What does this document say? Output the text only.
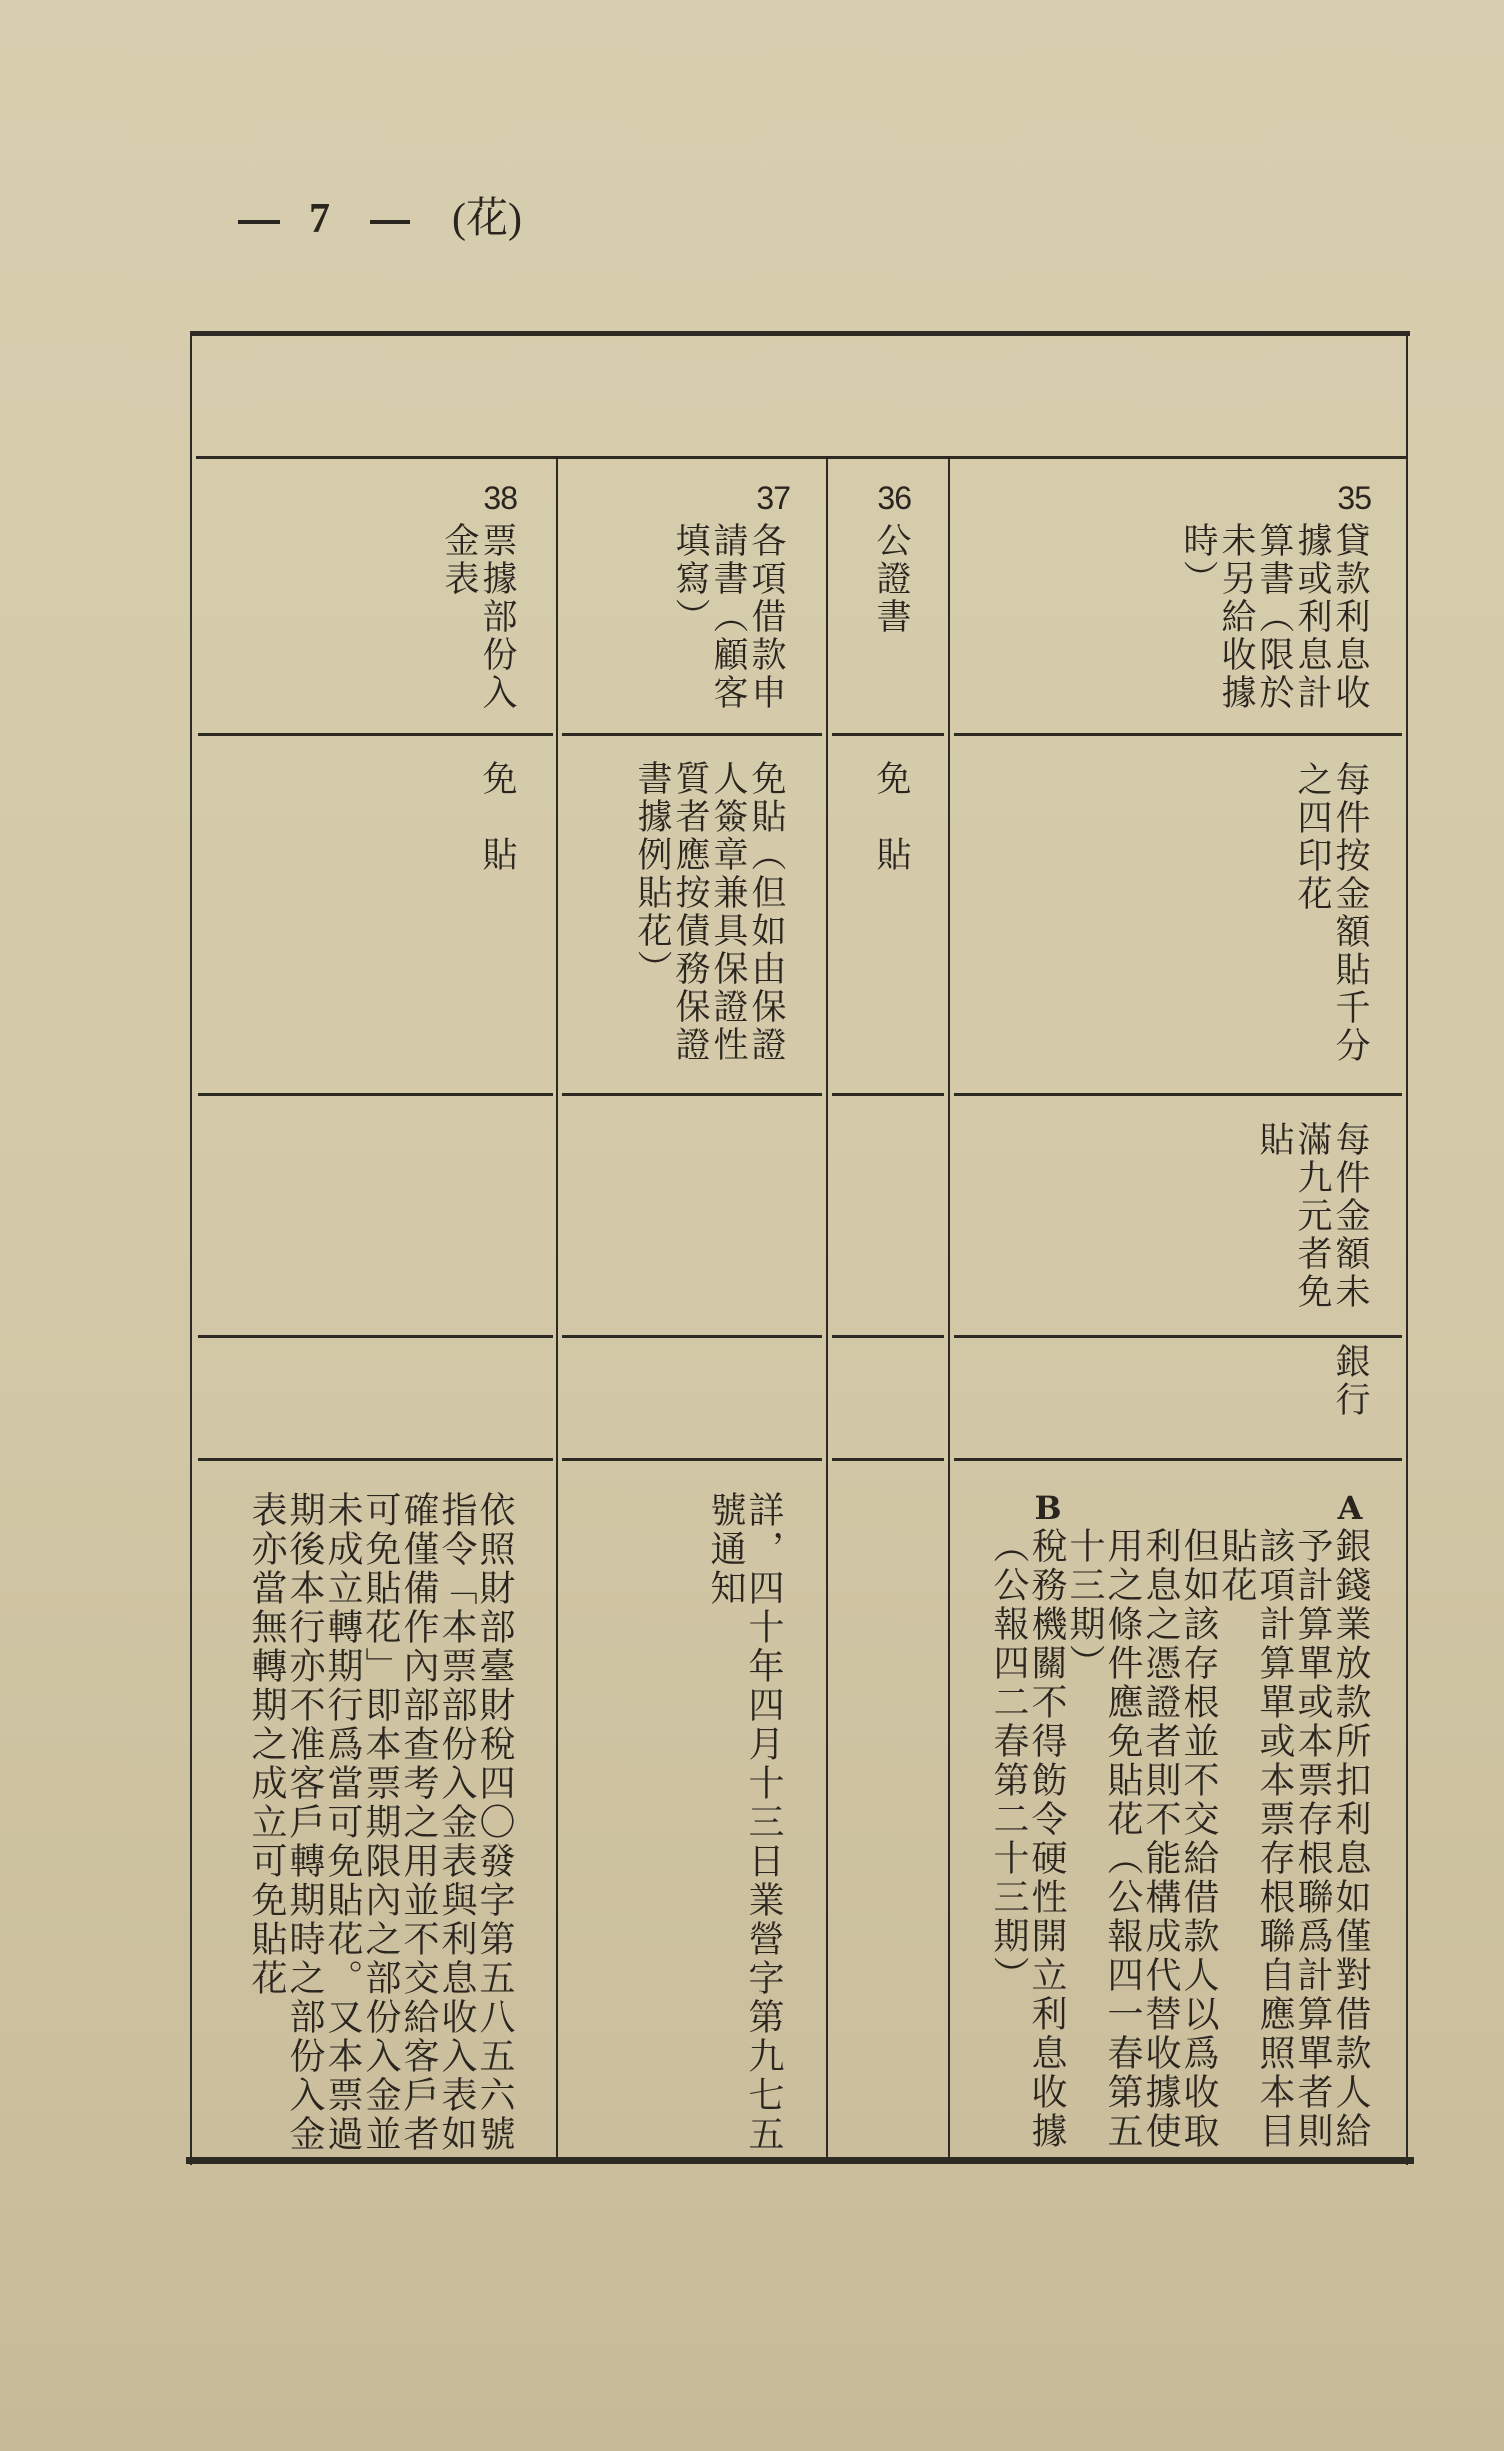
7	(花)
35
貸款利息收據或利息計算書（限於未另給收據時）
每件按金額貼千分之四印花
每件金額未滿九元者免貼
銀行
A
銀錢業放款所扣利息如僅對借款人給予計算單或本票存根聯爲計算單者則該項計算單或本票存根聯自應照本目貼花
但如該存根並不交給借款人以爲收取利息之憑證者則不能構成代替收據使用之條件應免貼花（公報四一春第五十三期）
B
稅務機關不得飭令硬性開立利息收據（公報四二春第二十三期）
36
公證書
免　貼
37
各項借款申請書（顧客填寫）
免貼（但如由保證人簽章兼具保證性質者應按債務保證書據例貼花）
詳，四十年四月十三日業營字第九七五號通知
38
票據部份入金表
免　貼
依照財部臺財稅四〇發字第五八五六號指令「本票部份入金表與利息收入表如確僅備作內部查考之用並不交給客戶者可免貼花」即本票期限內之部份入金並未成立轉期行爲當可免貼花。又本票過期後本行亦不准客戶轉期時之部份入金表亦當無轉期之成立可免貼花
